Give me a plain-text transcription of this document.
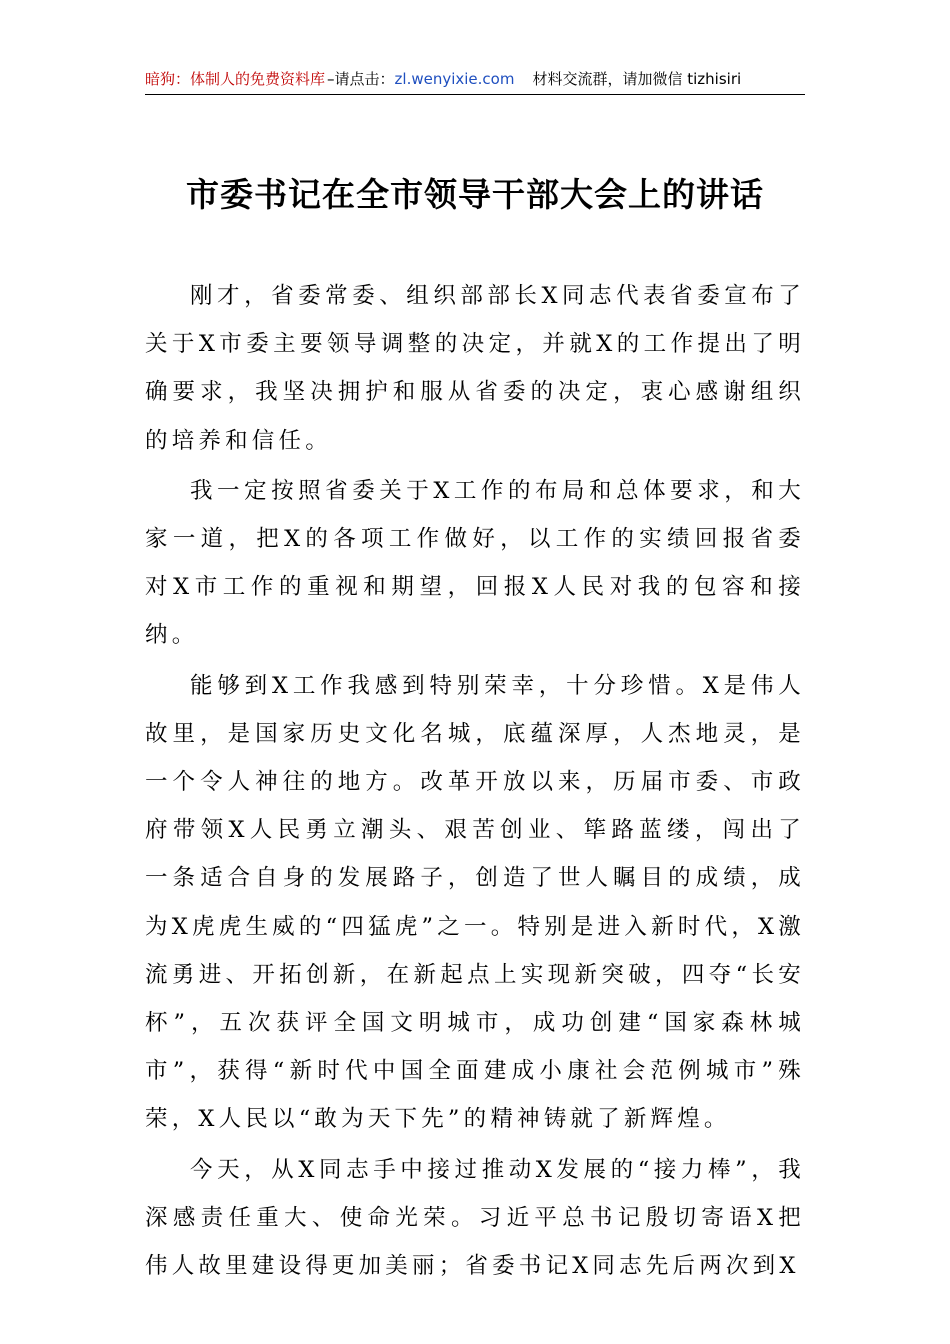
暗狗：体制人的免费资料库 –请点击： zl.wenyixie.com 材料交流群，请加微信 tizhisiri
市委书记在全市领导干部大会上的讲话

刚才，省委常委、组织部部长X同志代表省委宣布了关于X市委主要领导调整的决定，并就X的工作提出了明确要求，我坚决拥护和服从省委的决定，衷心感谢组织的培养和信任。

我一定按照省委关于X工作的布局和总体要求，和大家一道，把X的各项工作做好，以工作的实绩回报省委对X市工作的重视和期望，回报X人民对我的包容和接纳。

能够到X工作我感到特别荣幸，十分珍惜。X是伟人故里，是国家历史文化名城，底蕴深厚，人杰地灵，是一个令人神往的地方。改革开放以来，历届市委、市政府带领X人民勇立潮头、艰苦创业、筚路蓝缕，闯出了一条适合自身的发展路子，创造了世人瞩目的成绩，成为X虎虎生威的“四猛虎”之一。特别是进入新时代，X激流勇进、开拓创新，在新起点上实现新突破，四夺“长安杯”，五次获评全国文明城市，成功创建“国家森林城市”，获得“新时代中国全面建成小康社会范例城市”殊荣，X人民以“敢为天下先”的精神铸就了新辉煌。

今天，从X同志手中接过推动X发展的“接力棒”，我深感责任重大、使命光荣。习近平总书记殷切寄语X把伟人故里建设得更加美丽；省委书记X同志先后两次到X
